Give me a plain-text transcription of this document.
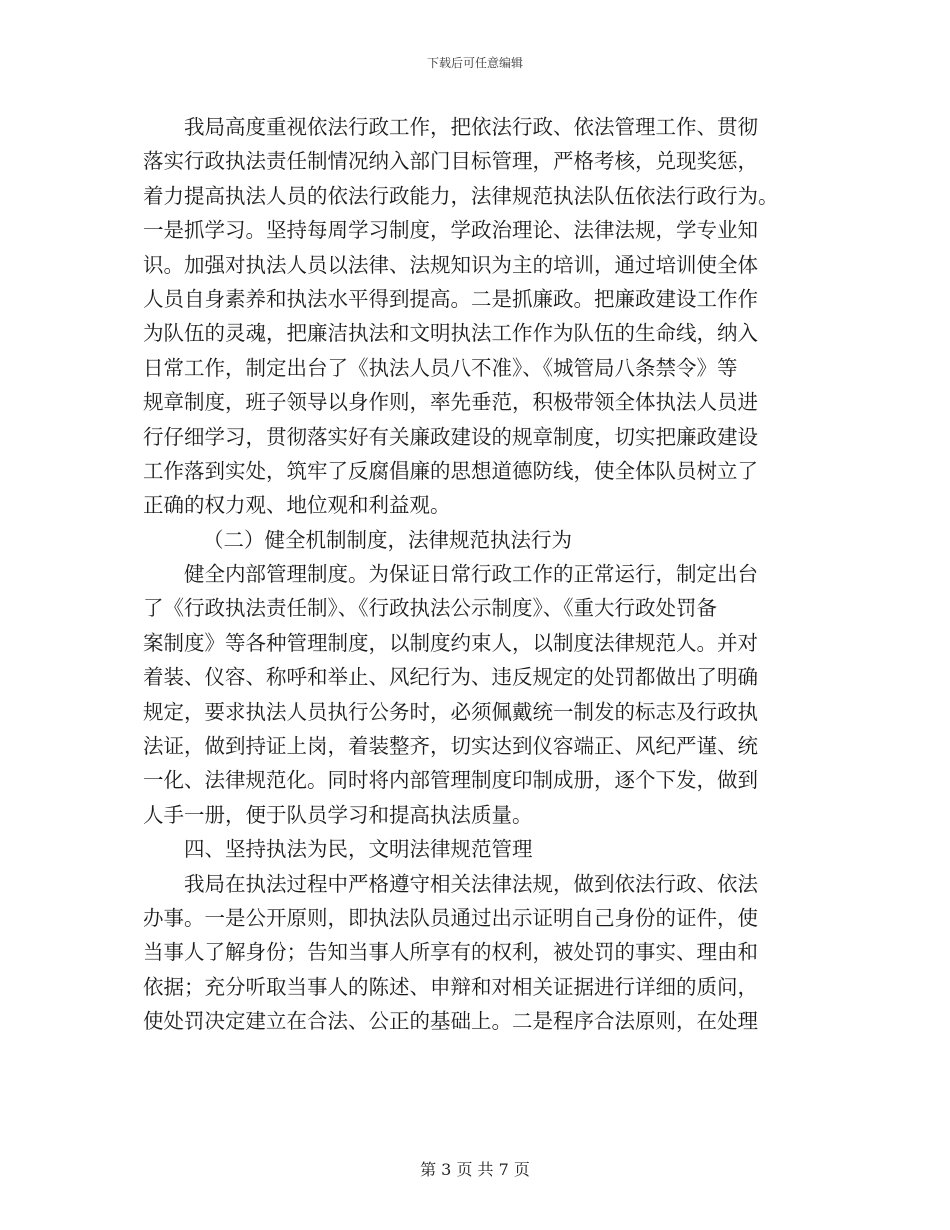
下载后可任意编辑
我局高度重视依法行政工作，把依法行政、依法管理工作、贯彻
落实行政执法责任制情况纳入部门目标管理，严格考核，兑现奖惩，
着力提高执法人员的依法行政能力，法律规范执法队伍依法行政行为。
一是抓学习。坚持每周学习制度，学政治理论、法律法规，学专业知
识。加强对执法人员以法律、法规知识为主的培训，通过培训使全体
人员自身素养和执法水平得到提高。二是抓廉政。把廉政建设工作作
为队伍的灵魂，把廉洁执法和文明执法工作作为队伍的生命线，纳入
日常工作，制定出台了《执法人员八不准》、《城管局八条禁令》等
规章制度，班子领导以身作则，率先垂范，积极带领全体执法人员进
行仔细学习，贯彻落实好有关廉政建设的规章制度，切实把廉政建设
工作落到实处，筑牢了反腐倡廉的思想道德防线，使全体队员树立了
正确的权力观、地位观和利益观。
（二）健全机制制度，法律规范执法行为
健全内部管理制度。为保证日常行政工作的正常运行，制定出台
了《行政执法责任制》、《行政执法公示制度》、《重大行政处罚备
案制度》等各种管理制度，以制度约束人，以制度法律规范人。并对
着装、仪容、称呼和举止、风纪行为、违反规定的处罚都做出了明确
规定，要求执法人员执行公务时，必须佩戴统一制发的标志及行政执
法证，做到持证上岗，着装整齐，切实达到仪容端正、风纪严谨、统
一化、法律规范化。同时将内部管理制度印制成册，逐个下发，做到
人手一册，便于队员学习和提高执法质量。
四、坚持执法为民，文明法律规范管理
我局在执法过程中严格遵守相关法律法规，做到依法行政、依法
办事。一是公开原则，即执法队员通过出示证明自己身份的证件，使
当事人了解身份；告知当事人所享有的权利，被处罚的事实、理由和
依据；充分听取当事人的陈述、申辩和对相关证据进行详细的质问，
使处罚决定建立在合法、公正的基础上。二是程序合法原则，在处理
第 3 页 共 7 页
